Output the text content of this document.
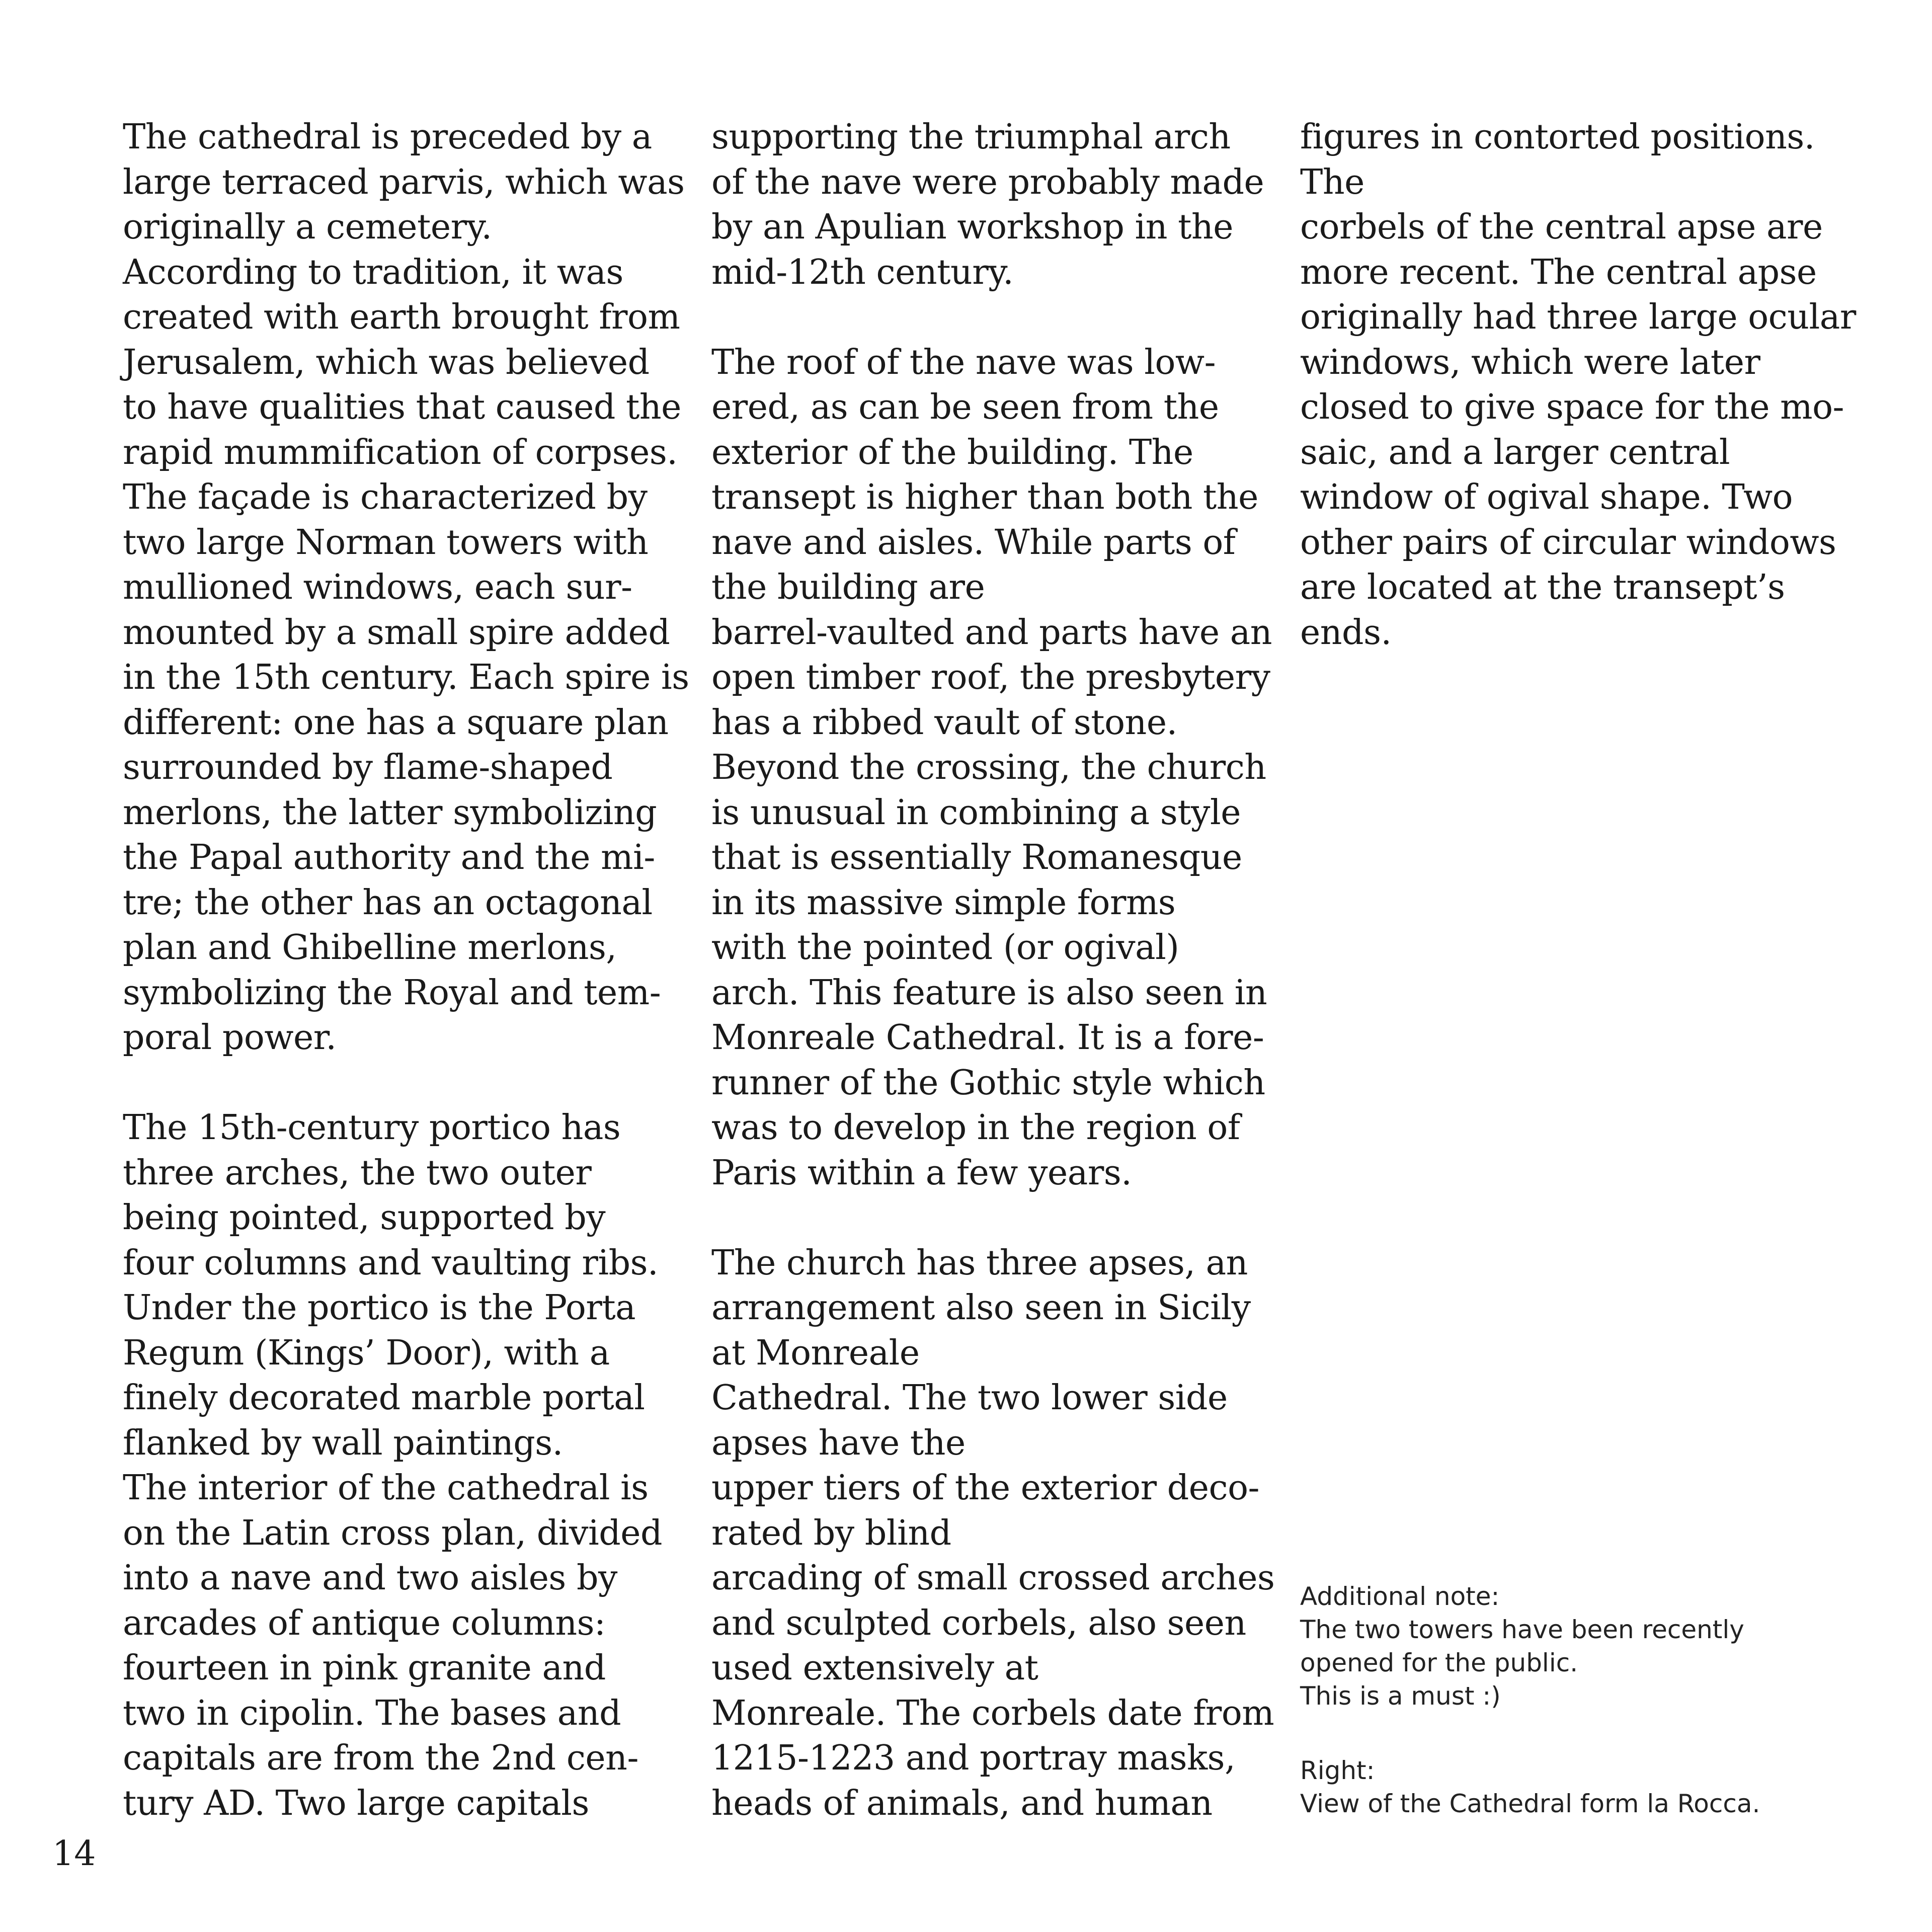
The cathedral is preceded by a
large terraced parvis, which was
originally a cemetery.
According to tradition, it was
created with earth brought from
Jerusalem, which was believed
to have qualities that caused the
rapid mummification of corpses.
The façade is characterized by
two large Norman towers with
mullioned windows, each sur-
mounted by a small spire added
in the 15th century. Each spire is
different: one has a square plan
surrounded by flame-shaped
merlons, the latter symbolizing
the Papal authority and the mi-
tre; the other has an octagonal
plan and Ghibelline merlons,
symbolizing the Royal and tem-
poral power.
The 15th-century portico has
three arches, the two outer
being pointed, supported by
four columns and vaulting ribs.
Under the portico is the Porta
Regum (Kings’ Door), with a
finely decorated marble portal
flanked by wall paintings.
The interior of the cathedral is
on the Latin cross plan, divided
into a nave and two aisles by
arcades of antique columns:
fourteen in pink granite and
two in cipolin. The bases and
capitals are from the 2nd cen-
tury AD. Two large capitals
supporting the triumphal arch
of the nave were probably made
by an Apulian workshop in the
mid-12th century.
The roof of the nave was low-
ered, as can be seen from the
exterior of the building. The
transept is higher than both the
nave and aisles. While parts of
the building are
barrel-vaulted and parts have an
open timber roof, the presbytery
has a ribbed vault of stone.
Beyond the crossing, the church
is unusual in combining a style
that is essentially Romanesque
in its massive simple forms
with the pointed (or ogival)
arch. This feature is also seen in
Monreale Cathedral. It is a fore-
runner of the Gothic style which
was to develop in the region of
Paris within a few years.
The church has three apses, an
arrangement also seen in Sicily
at Monreale
Cathedral. The two lower side
apses have the
upper tiers of the exterior deco-
rated by blind
arcading of small crossed arches
and sculpted corbels, also seen
used extensively at
Monreale. The corbels date from
1215-1223 and portray masks,
heads of animals, and human
figures in contorted positions.
The
corbels of the central apse are
more recent. The central apse
originally had three large ocular
windows, which were later
closed to give space for the mo-
saic, and a larger central
window of ogival shape. Two
other pairs of circular windows
are located at the transept’s
ends.
Additional note:
The two towers have been recently
opened for the public.
This is a must :)
Right:
View of the Cathedral form la Rocca.
14
